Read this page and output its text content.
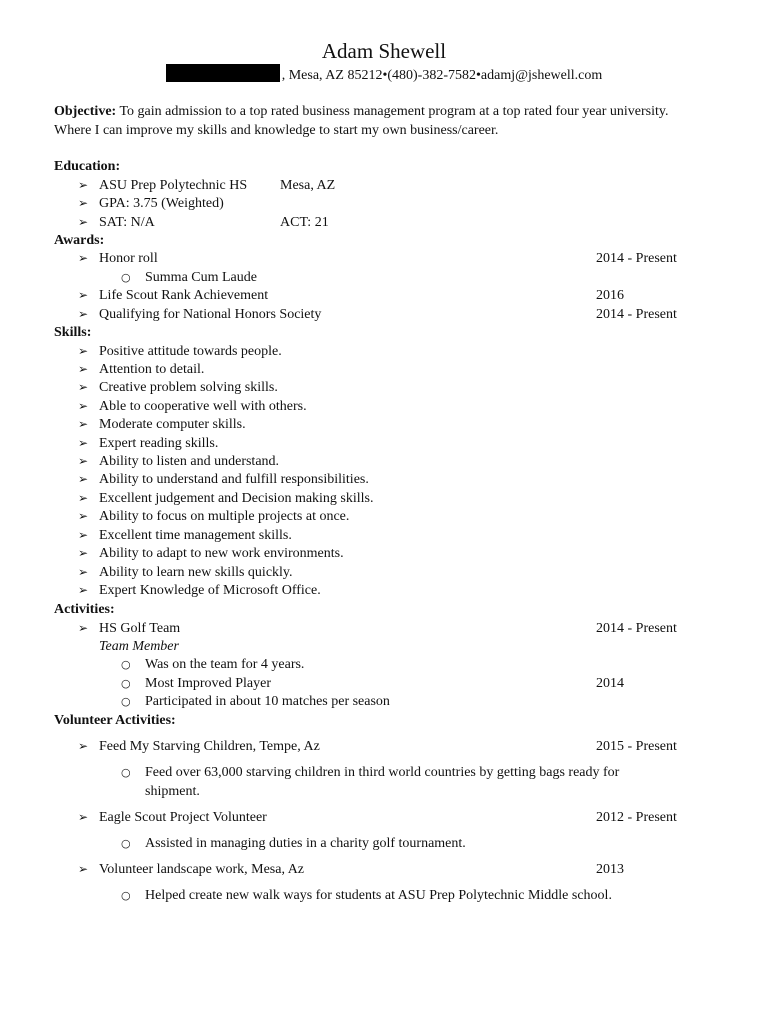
Adam Shewell
, Mesa, AZ 85212•(480)-382-7582•adamj@jshewell.com
Objective: To gain admission to a top rated business management program at a top rated four year university. Where I can improve my skills and knowledge to start my own business/career.
Education:
➢ ASU Prep Polytechnic HS Mesa, AZ
➢ GPA: 3.75 (Weighted)
➢ SAT: N/A	ACT: 21
Awards:
➢ Honor roll	2014 - Present
○ Summa Cum Laude
➢ Life Scout Rank Achievement	2016
➢ Qualifying for National Honors Society	2014 - Present
Skills:
➢ Positive attitude towards people.
➢ Attention to detail.
➢ Creative problem solving skills.
➢ Able to cooperative well with others.
➢ Moderate computer skills.
➢ Expert reading skills.
➢ Ability to listen and understand.
➢ Ability to understand and fulfill responsibilities.
➢ Excellent judgement and Decision making skills.
➢ Ability to focus on multiple projects at once.
➢ Excellent time management skills.
➢ Ability to adapt to new work environments.
➢ Ability to learn new skills quickly.
➢ Expert Knowledge of Microsoft Office.
Activities:
➢ HS Golf Team	2014 - Present
Team Member
○ Was on the team for 4 years.
○ Most Improved Player	2014
○ Participated in about 10 matches per season
Volunteer Activities:
➢ Feed My Starving Children, Tempe, Az	2015 - Present
○ Feed over 63,000 starving children in third world countries by getting bags ready for shipment.
➢ Eagle Scout Project Volunteer	2012 - Present
○ Assisted in managing duties in a charity golf tournament.
➢ Volunteer landscape work, Mesa, Az	2013
○ Helped create new walk ways for students at ASU Prep Polytechnic Middle school.
